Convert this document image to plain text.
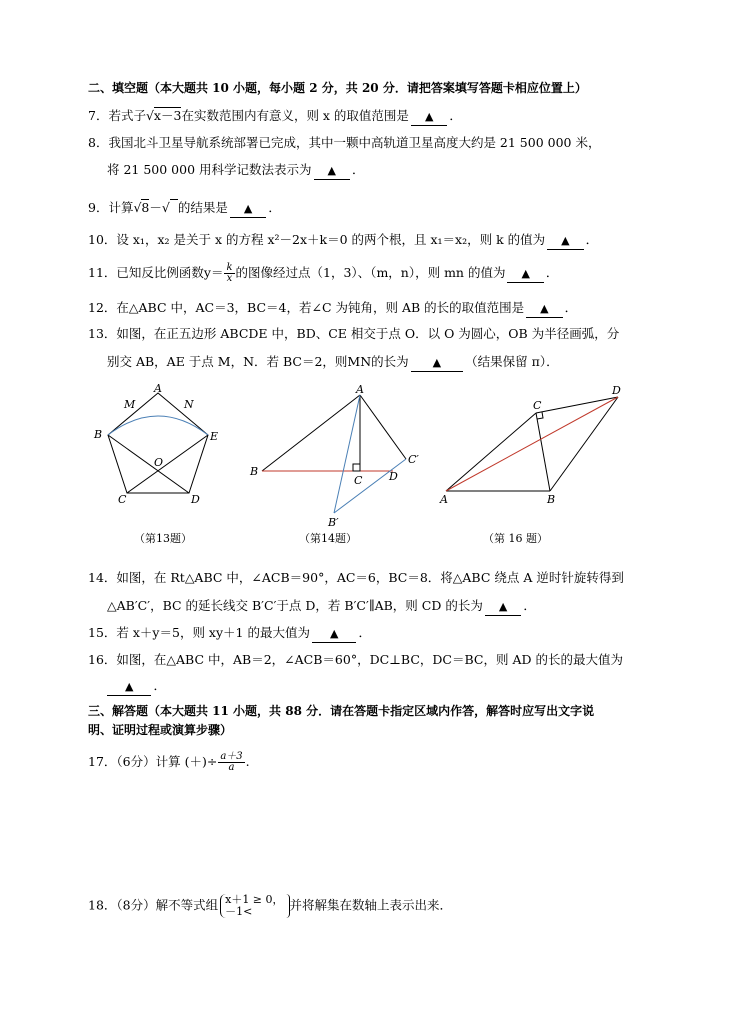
二、填空题（本大题共 10 小题，每小题 2 分，共 20 分．请把答案填写答题卡相应位置上）
7．若式子√x－3在实数范围内有意义，则 x 的取值范围是 ▲ ．
8．我国北斗卫星导航系统部署已完成，其中一颗中高轨道卫星高度大约是 21 500 000 米，
将 21 500 000 用科学记数法表示为 ▲ ．
9．计算√8－√ 的结果是 ▲ ．
10．设 x₁，x₂ 是关于 x 的方程 x²－2x＋k＝0 的两个根，且 x₁＝x₂，则 k 的值为 ▲ ．
11．已知反比例函数$y= \frac{k}{x}$ 的图像经过点（1，3）、（m，n），则 mn 的值为 ▲ ．
12．在△ABC 中，AC＝3，BC＝4，若∠C 为钝角，则 AB 的长的取值范围是 ▲ ．
13．如图，在正五边形 ABCDE 中，BD、CE 相交于点 O．以 O 为圆心，OB 为半径画弧，分
别交 AB，AE 于点 M，N．若 BC＝2，则MN的长为 ▲ （结果保留 π）．
A
M	N
B	E
O
C	D
（第13题）
A
B
C D
C′
B′
（第14题）
D
C
A	B
（第 16 题）
14．如图，在 Rt△ABC 中，∠ACB＝90°，AC＝6，BC＝8．将△ABC 绕点 A 逆时针旋转得到
△AB′C′，BC 的延长线交 B′C′于点 D，若 B′C′∥AB，则 CD 的长为 ▲ ．
15．若 x＋y＝5，则 xy＋1 的最大值为 ▲ ．
16．如图，在△ABC 中，AB＝2，∠ACB＝60°，DC⊥BC，DC＝BC，则 AD 的长的最大值为
▲ ．
三、解答题（本大题共 11 小题，共 88 分．请在答题卡指定区域内作答，解答时应写出文字说
明、证明过程或演算步骤）
17．（6分）计算 (＋)÷ $\frac{a+3}{a}$ .
18．（8分）解不等式组 x＋1 ≥ 0，
－1<	并将解集在数轴上表示出来．
